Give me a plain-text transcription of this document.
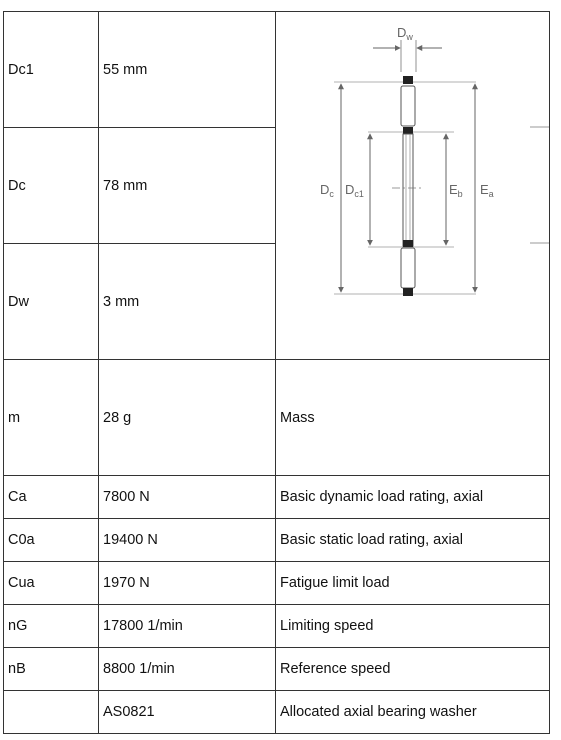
Dc1	55 mm	$D_w$
$D_c$ $D_{c1}$ $E_b$ $E_a$

Dc	78 mm	
Dw	3 mm	
m	28 g	Mass
Ca	7800 N	Basic dynamic load rating, axial
C0a	19400 N	Basic static load rating, axial
Cua	1970 N	Fatigue limit load
nG	17800 1/min	Limiting speed
nB	8800 1/min	Reference speed
	AS0821	Allocated axial bearing washer
